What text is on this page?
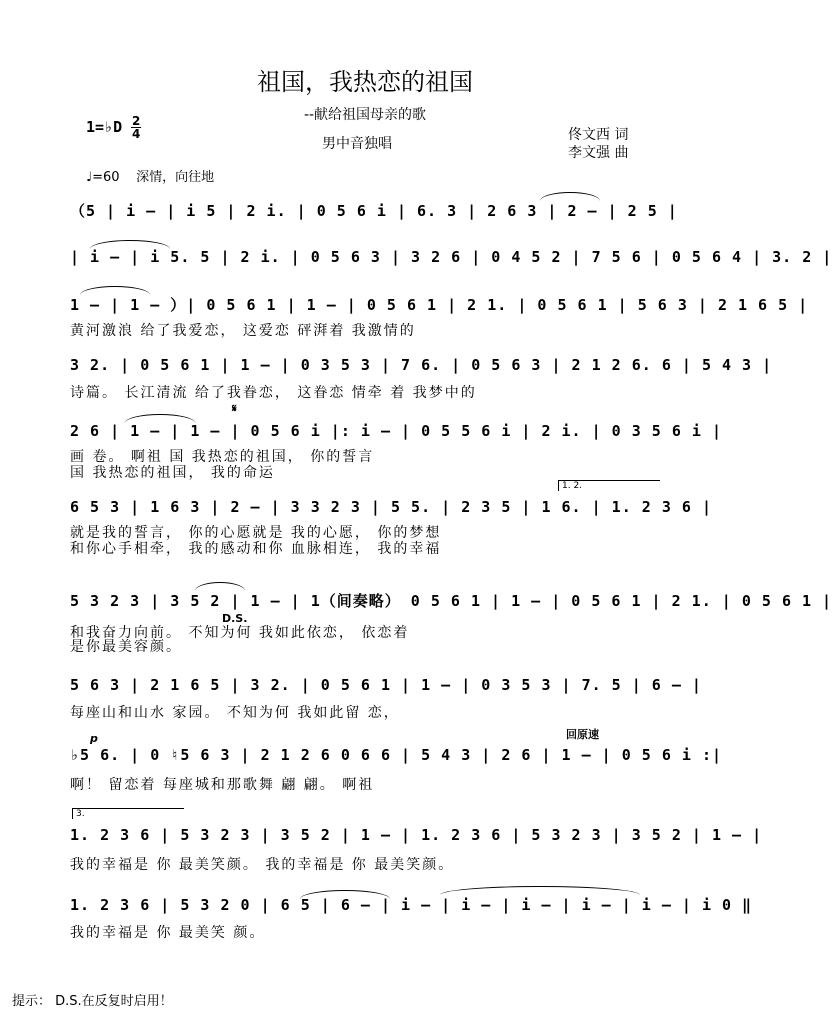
祖国，我热恋的祖国
--献给祖国母亲的歌
1=♭D 2
4
男中音独唱
佟文西 词
李文强 曲
♩=60 深情，向往地
（5 | i – | i 5 | 2 i. | 0 5 6 i | 6. 3 | 2 6 3 | 2 – | 2 5 |
| i – | i 5. 5 | 2 i. | 0 5 6 3 | 3 2 6 | 0 4 5 2 | 7 5 6 | 0 5 6 4 | 3. 2 |
1 – | 1 – ）| 0 5 6 1 | 1 – | 0 5 6 1 | 2 1. | 0 5 6 1 | 5 6 3 | 2 1 6 5 |
黄河激浪 给了我爱恋， 这爱恋 砰湃着 我激情的
3 2. | 0 5 6 1 | 1 – | 0 3 5 3 | 7 6. | 0 5 6 3 | 2 1 2 6. 6 | 5 4 3 |
诗篇。 长江清流 给了我眷恋， 这眷恋 情牵 着 我梦中的
𝄋
2 6 | 1 – | 1 – | 0 5 6 i |: i – | 0 5 5 6 i | 2 i. | 0 3 5 6 i |
画 卷。 啊祖 国 我热恋的祖国， 你的誓言
国 我热恋的祖国， 我的命运
1. 2.
6 5 3 | 1 6 3 | 2 – | 3 3 2 3 | 5 5. | 2 3 5 | 1 6. | 1. 2 3 6 |
就是我的誓言， 你的心愿就是 我的心愿， 你的梦想
和你心手相牵， 我的感动和你 血脉相连， 我的幸福
5 3 2 3 | 3 5 2 | 1 – | 1（间奏略） 0 5 6 1 | 1 – | 0 5 6 1 | 2 1. | 0 5 6 1 |
D.S.
和我奋力向前。 不知为何 我如此依恋， 依恋着
是你最美容颜。
5 6 3 | 2 1 6 5 | 3 2. | 0 5 6 1 | 1 – | 0 3 5 3 | 7. 5 | 6 – |
每座山和山水 家园。 不知为何 我如此留 恋，
p	回原速
♭5 6. | 0 ♮5 6 3 | 2 1 2 6 0 6 6 | 5 4 3 | 2 6 | 1 – | 0 5 6 i :|
啊！ 留恋着 每座城和那歌舞 翩 翩。 啊祖
3.
1. 2 3 6 | 5 3 2 3 | 3 5 2 | 1 – | 1. 2 3 6 | 5 3 2 3 | 3 5 2 | 1 – |
我的幸福是 你 最美笑颜。 我的幸福是 你 最美笑颜。
1. 2 3 6 | 5 3 2 0 | 6 5 | 6 – | i – | i – | i – | i – | i – | i 0 ‖
我的幸福是 你 最美笑 颜。
提示： D.S.在反复时启用！
